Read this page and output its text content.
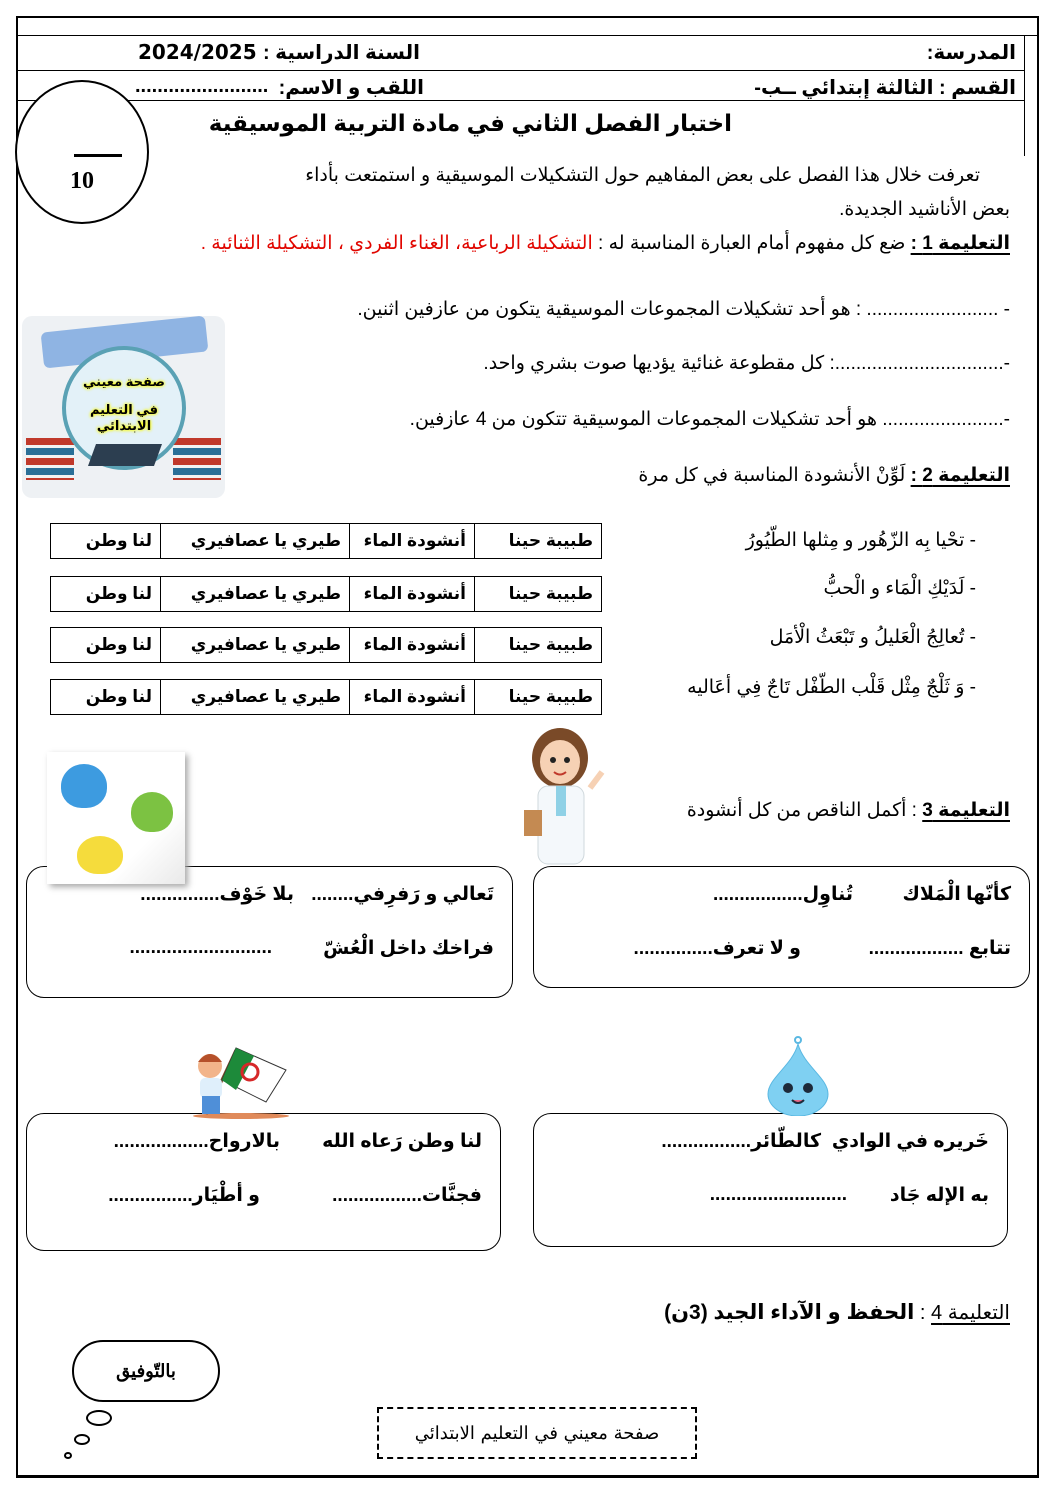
المدرسة:
السنة الدراسية :
2024/2025
القسم : الثالثة إبتدائي ــب-
اللقب و الاسم:
........................
اختبار الفصل الثاني في مادة التربية الموسيقية
10	تعرفت خلال هذا الفصل على بعض المفاهيم حول التشكيلات الموسيقية و استمتعت بأداء
بعض الأناشيد الجديدة.
التعليمة 1 : ضع كل مفهوم أمام العبارة المناسبة له : التشكيلة الرباعية، الغناء الفردي ، التشكيلة الثنائية .
- ......................... : هو أحد تشكيلات المجموعات الموسيقية يتكون من عازفين اثنين.
-................................: كل مقطوعة غنائية يؤديها صوت بشري واحد.
-....................... هو أحد تشكيلات المجموعات الموسيقية تتكون من 4 عازفين.
صفحة معيني
في التعليم الابتدائي
التعليمة 2 : لَوِّنْ الأنشودة المناسبة في كل مرة
- تحْيا بِه الزّهُور و مِثلها الطّيُورُ
- لَدَيْكِ الْمَاء و الْحبُّ
- تُعالِجُ الْعَليلُ و تَبْعَثُ الْأمَل
- وَ ثَلْجٌ مِثْل قَلْب الطّفْل تَاجٌ فِي أعَاليه
طبيبة حينا
أنشودة الماء
طيري يا عصافيري
لنا وطن
طبيبة حينا
أنشودة الماء
طيري يا عصافيري
لنا وطن
طبيبة حينا
أنشودة الماء
طيري يا عصافيري
لنا وطن
طبيبة حينا
أنشودة الماء
طيري يا عصافيري
لنا وطن
التعليمة 3 : أكمل الناقص من كل أنشودة
كأنّها الْمَلاك
تُناوِل.................
تتابع ..................
و لا تعرف...............
تَعالي و رَفرِفي........
بلا خَوْف...............
فراخك داخل الْعُشّ
...........................
خَريره في الوادي
كالطّائر.................
به الإله جَاد
..........................
لنا وطن رَعاه الله
بالارواح..................
فجنَّات.................
و أطْيَار................
التعليمة 4 : الحفظ و الآداء الجيد (3ن)
بالتّوفيق
صفحة معيني في التعليم الابتدائي
